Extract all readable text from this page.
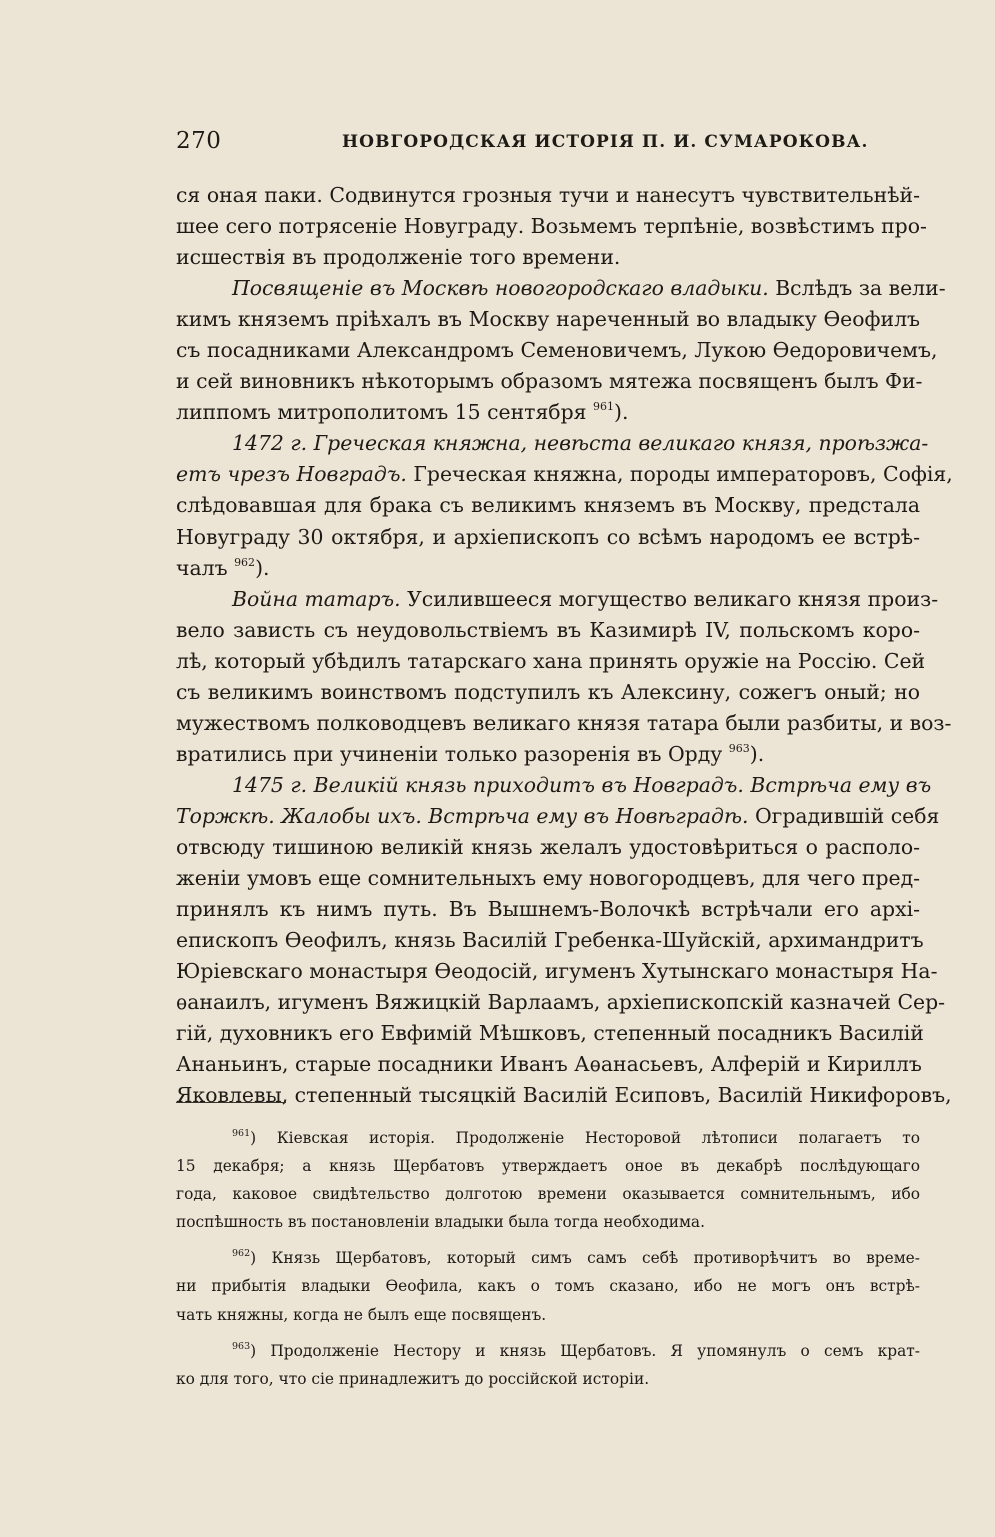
270	НОВГОРОДСКАЯ ИСТОРІЯ П. И. СУМАРОКОВА.
ся оная паки. Содвинутся грозныя тучи и нанесутъ чувствительнѣй-
шее сего потрясеніе Новуграду. Возьмемъ терпѣніе, возвѣстимъ про-
исшествія въ продолженіе того времени.
Посвященіе въ Москвѣ новогородскаго владыки. Вслѣдъ за вели-
кимъ княземъ пріѣхалъ въ Москву нареченный во владыку Ѳеофилъ
съ посадниками Александромъ Семеновичемъ, Лукою Ѳедоровичемъ,
и сей виновникъ нѣкоторымъ образомъ мятежа посвященъ былъ Фи-
липпомъ митрополитомъ 15 сентября $^{961}$).
1472 г. Греческая княжна, невѣста великаго князя, проѣзжа-
етъ чрезъ Новградъ. Греческая княжна, породы императоровъ, Софія,
слѣдовавшая для брака съ великимъ княземъ въ Москву, предстала
Новуграду 30 октября, и архіепископъ со всѣмъ народомъ ее встрѣ-
чалъ $^{962}$).
Война татаръ. Усилившееся могущество великаго князя произ-
вело зависть съ неудовольствіемъ въ Казимирѣ IV, польскомъ коро-
лѣ, который убѣдилъ татарскаго хана принять оружіе на Россію. Сей
съ великимъ воинствомъ подступилъ къ Алексину, сожегъ оный; но
мужествомъ полководцевъ великаго князя татара были разбиты, и воз-
вратились при учиненіи только разоренія въ Орду $^{963}$).
1475 г. Великій князь приходитъ въ Новградъ. Встрѣча ему въ
Торжкѣ. Жалобы ихъ. Встрѣча ему въ Новѣградѣ. Оградившій себя
отвсюду тишиною великій князь желалъ удостовѣриться о располо-
женіи умовъ еще сомнительныхъ ему новогородцевъ, для чего пред-
принялъ къ нимъ путь. Въ Вышнемъ-Волочкѣ встрѣчали его архі-
епископъ Ѳеофилъ, князь Василій Гребенка-Шуйскій, архимандритъ
Юріевскаго монастыря Ѳеодосій, игуменъ Хутынскаго монастыря На-
ѳанаилъ, игуменъ Вяжицкій Варлаамъ, архіепископскій казначей Сер-
гій, духовникъ его Евфимій Мѣшковъ, степенный посадникъ Василій
Ананьинъ, старые посадники Иванъ Аѳанасьевъ, Алферій и Кириллъ
Яковлевы, степенный тысяцкій Василій Есиповъ, Василій Никифоровъ,
$^{961}$) Кіевская исторія. Продолженіе Несторовой лѣтописи полагаетъ то
15 декабря; а князь Щербатовъ утверждаетъ оное въ декабрѣ послѣдующаго
года, каковое свидѣтельство долготою времени оказывается сомнительнымъ, ибо
поспѣшность въ постановленіи владыки была тогда необходима.
$^{962}$) Князь Щербатовъ, который симъ самъ себѣ противорѣчитъ во време-
ни прибытія владыки Ѳеофила, какъ о томъ сказано, ибо не могъ онъ встрѣ-
чать княжны, когда не былъ еще посвященъ.
$^{963}$) Продолженіе Нестору и князь Щербатовъ. Я упомянулъ о семъ крат-
ко для того, что сіе принадлежитъ до россійской исторіи.
